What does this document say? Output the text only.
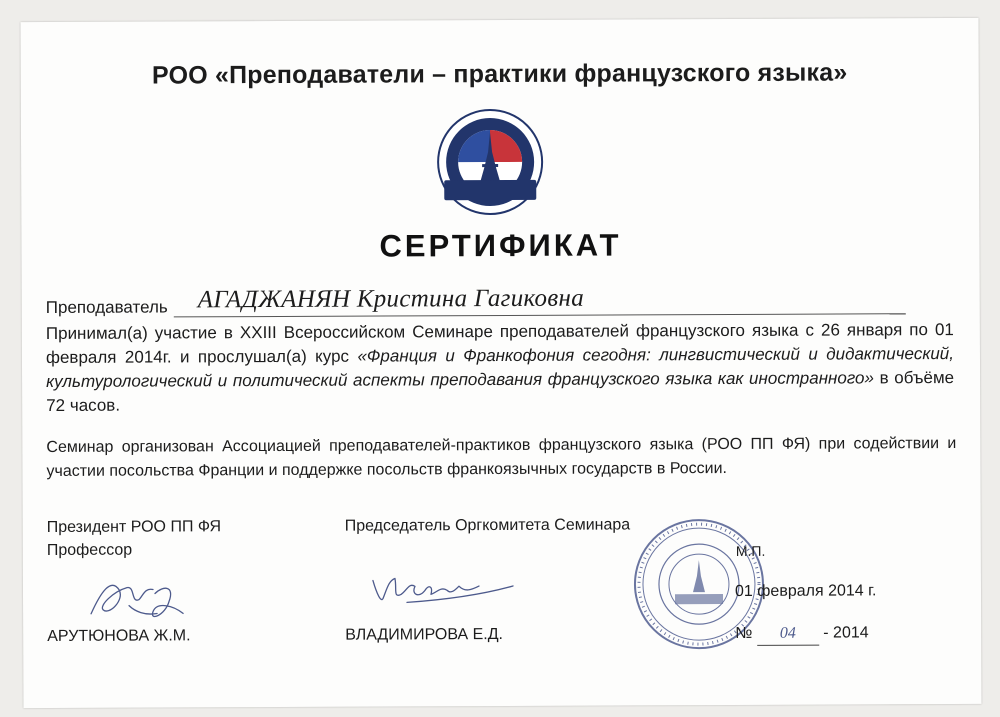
РОО «Преподаватели – практики французского языка»
СЕРТИФИКАТ
Преподаватель АГАДЖАНЯН Кристина Гагиковна
Принимал(а) участие в XXIII Всероссийском Семинаре преподавателей французского языка с 26 января по 01 февраля 2014г. и прослушал(а) курс «Франция и Франкофония сегодня: лингвистический и дидактический, культурологический и политический аспекты преподавания французского языка как иностранного» в объёме 72 часов.
Семинар организован Ассоциацией преподавателей-практиков французского языка (РОО ПП ФЯ) при содействии и участии посольства Франции и поддержке посольств франкоязычных государств в России.
Президент РОО ПП ФЯ
Профессор
АРУТЮНОВА Ж.М.
Председатель Оргкомитета Семинара
ВЛАДИМИРОВА Е.Д.
М.П.
01 февраля 2014 г.
№ 04 - 2014
